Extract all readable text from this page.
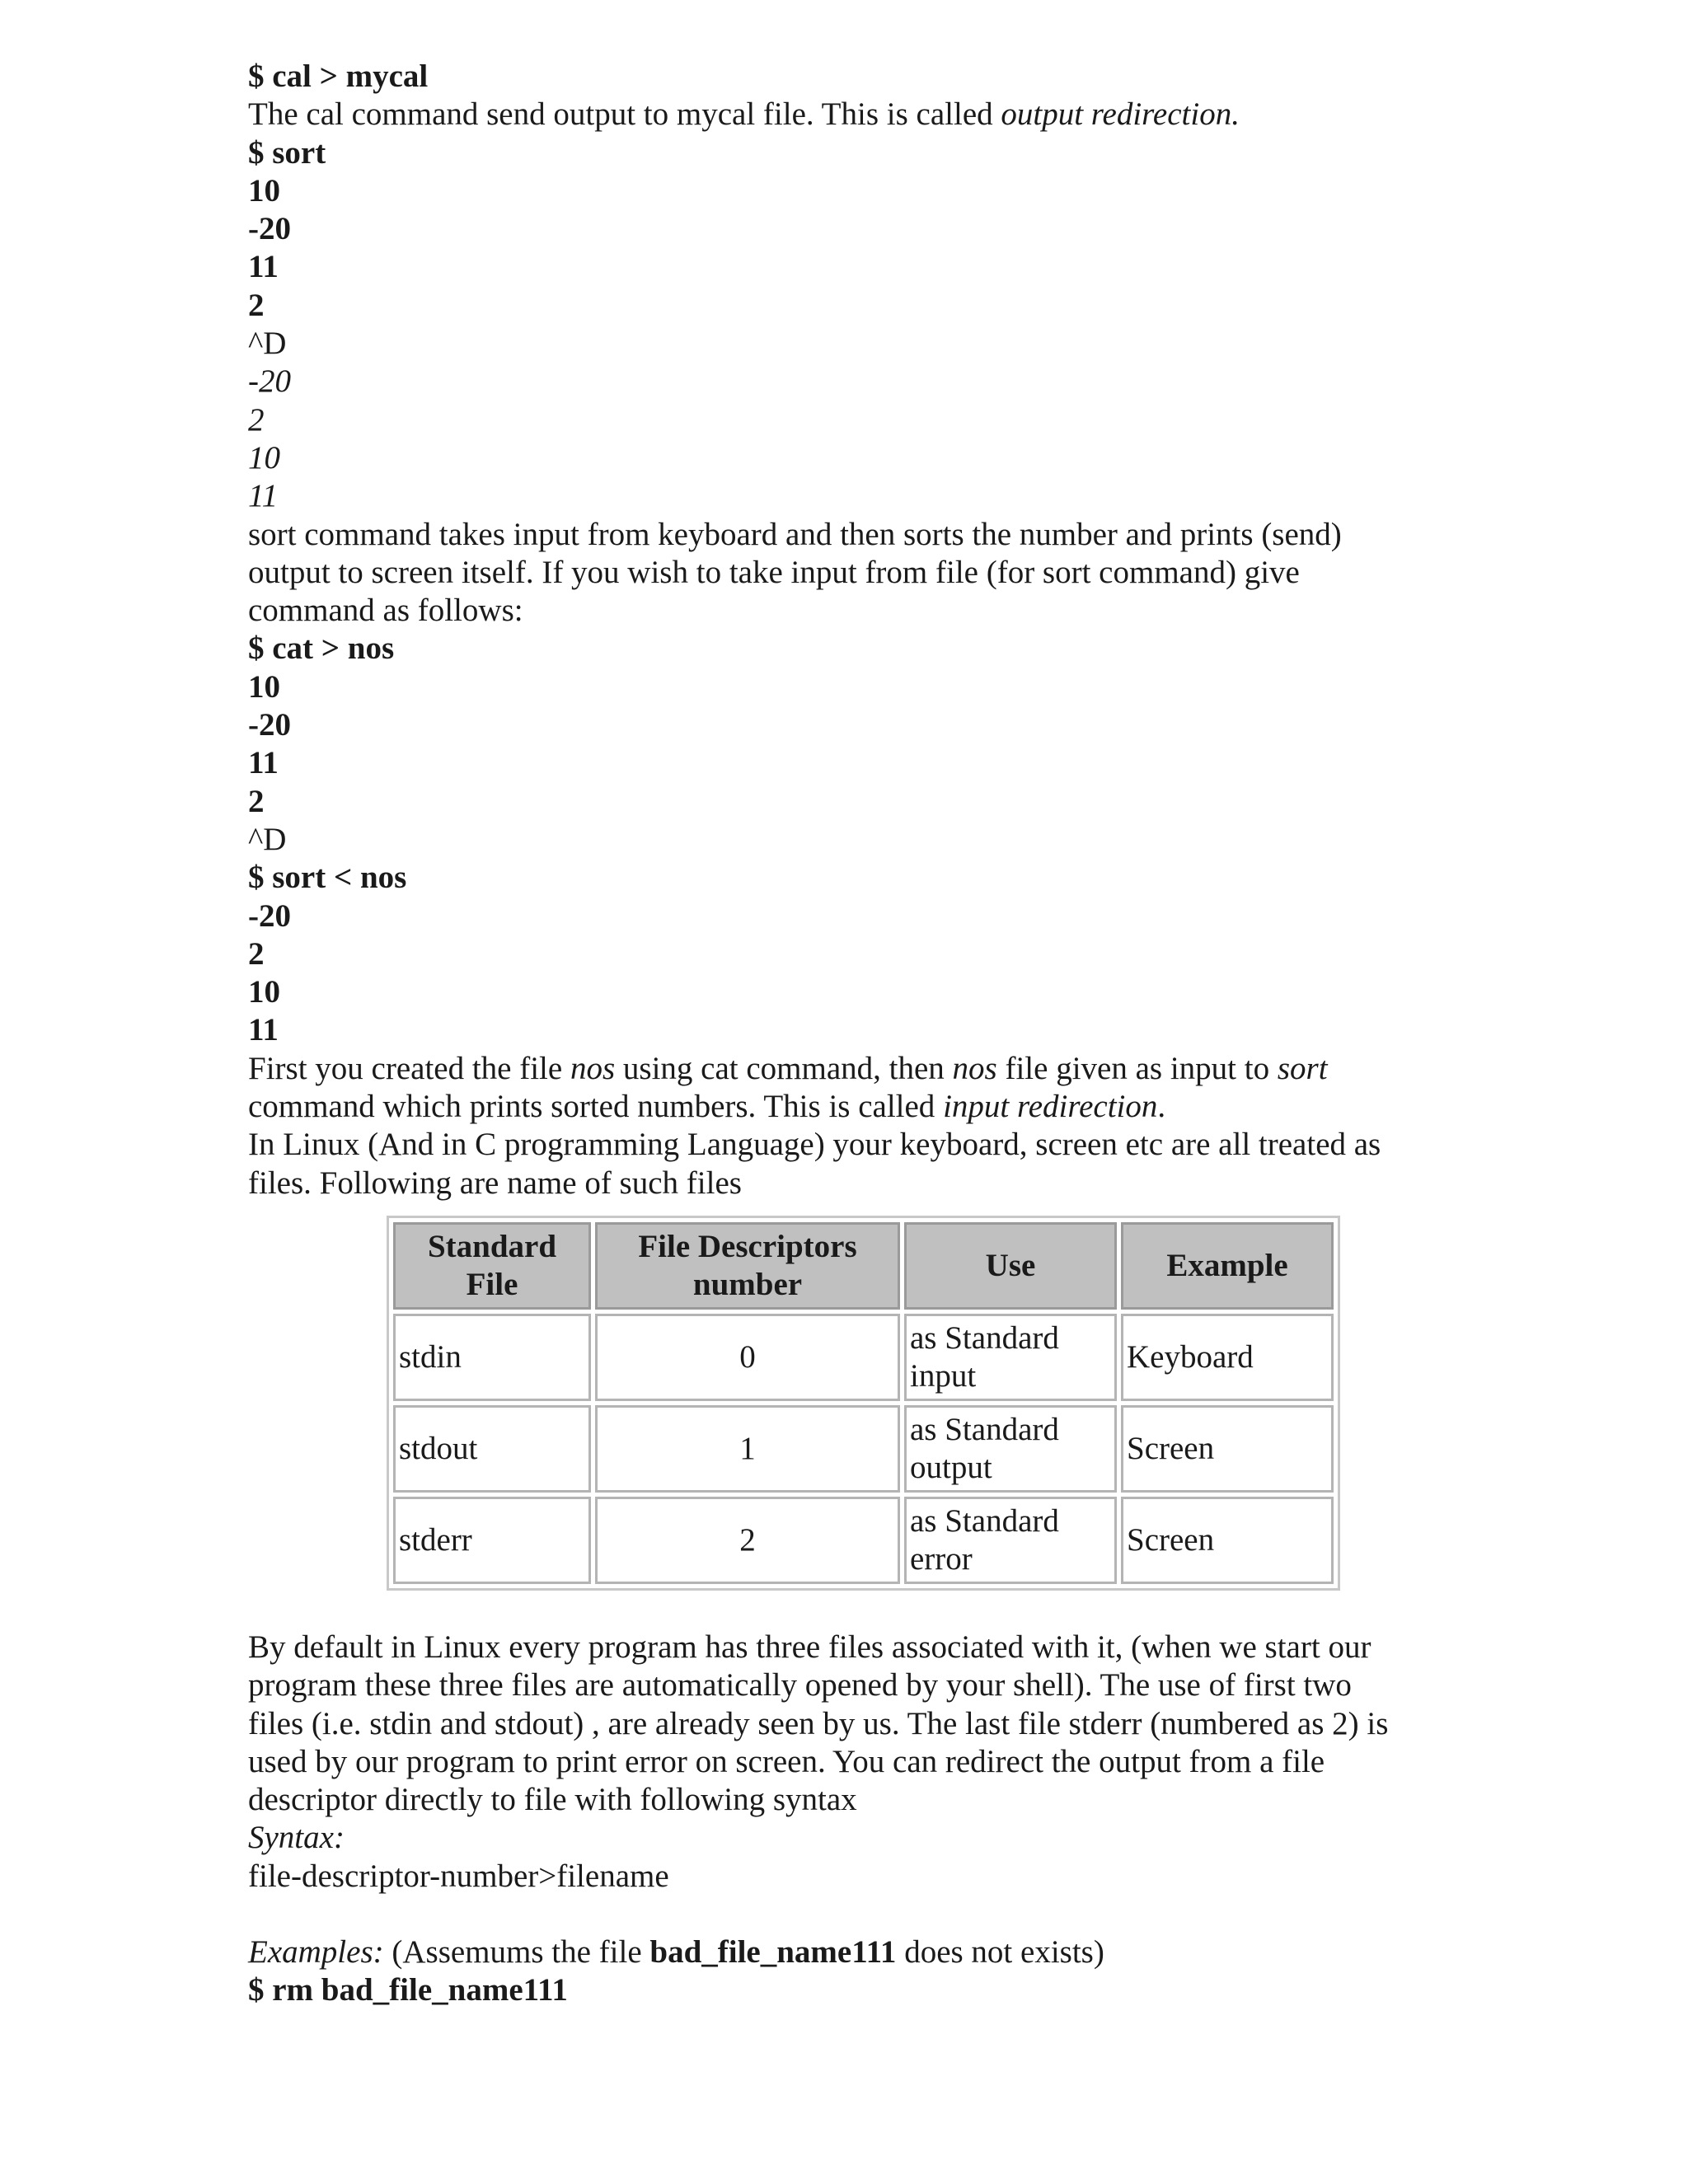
$ cal > mycal
The cal command send output to mycal file. This is called output redirection.
$ sort
10
-20
11
2
^D
-20
2
10
11
sort command takes input from keyboard and then sorts the number and prints (send)
output to screen itself. If you wish to take input from file (for sort command) give
command as follows:
$ cat > nos
10
-20
11
2
^D
$ sort < nos
-20
2
10
11
First you created the file nos using cat command, then nos file given as input to sort
command which prints sorted numbers. This is called input redirection.
In Linux (And in C programming Language) your keyboard, screen etc are all treated as
files. Following are name of such files
Standard File	File Descriptors number	Use	Example
stdin	0	as Standard input	Keyboard
stdout	1	as Standard output	Screen
stderr	2	as Standard error	Screen
By default in Linux every program has three files associated with it, (when we start our
program these three files are automatically opened by your shell). The use of first two
files (i.e. stdin and stdout) , are already seen by us. The last file stderr (numbered as 2) is
used by our program to print error on screen. You can redirect the output from a file
descriptor directly to file with following syntax
Syntax:
file-descriptor-number>filename
Examples: (Assemums the file bad_file_name111 does not exists)
$ rm bad_file_name111
